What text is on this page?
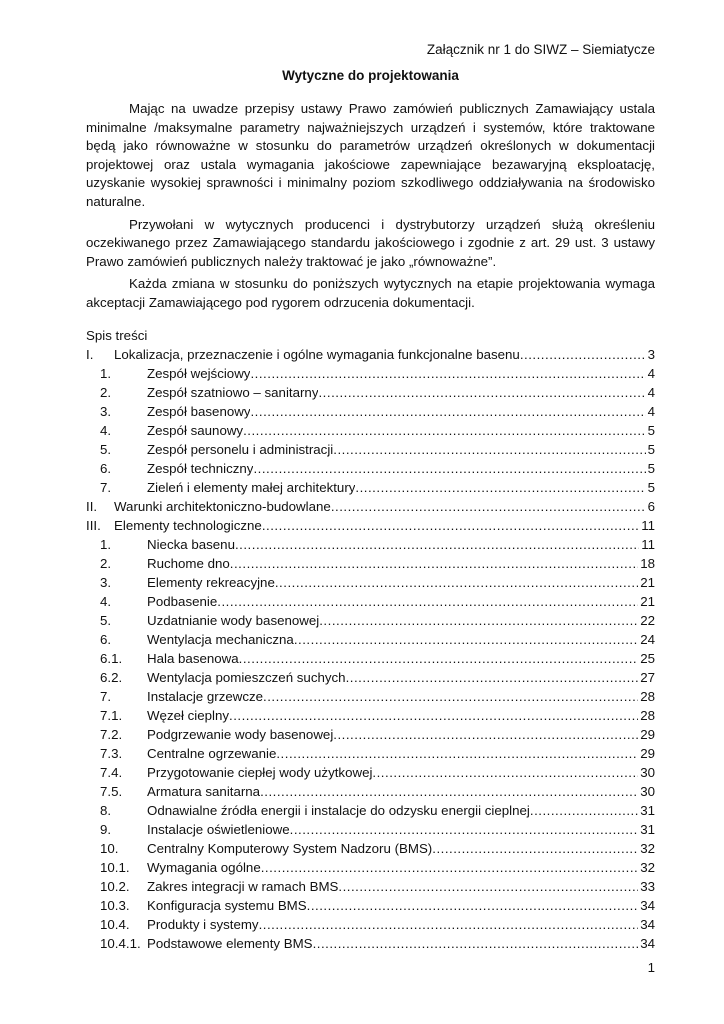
Załącznik nr 1 do SIWZ – Siemiatycze
Wytyczne do projektowania

Mając na uwadze przepisy ustawy Prawo zamówień publicznych Zamawiający ustala minimalne /maksymalne parametry najważniejszych urządzeń i systemów, które traktowane będą jako równoważne w stosunku do parametrów urządzeń określonych w dokumentacji projektowej oraz ustala wymagania jakościowe zapewniające bezawaryjną eksploatację, uzyskanie wysokiej sprawności i minimalny poziom szkodliwego oddziaływania na środowisko naturalne.

Przywołani w wytycznych producenci i dystrybutorzy urządzeń służą określeniu oczekiwanego przez Zamawiającego standardu jakościowego i zgodnie z art. 29 ust. 3 ustawy Prawo zamówień publicznych należy traktować je jako „równoważne”.

Każda zmiana w stosunku do poniższych wytycznych na etapie projektowania wymaga akceptacji Zamawiającego pod rygorem odrzucenia dokumentacji.

Spis treści
I.	Lokalizacja, przeznaczenie i ogólne wymagania funkcjonalne basenu .....	3
1.	Zespół wejściowy .....	4
2.	Zespół szatniowo – sanitarny .....	4
3.	Zespół basenowy .....	4
4.	Zespół saunowy .....	5
5.	Zespół personelu i administracji .....	5
6.	Zespół techniczny .....	5
7.	Zieleń i elementy małej architektury .....	5
II.	Warunki architektoniczno-budowlane .....	6
III. Elementy technologiczne .....	11
1.	Niecka basenu .....	11
2.	Ruchome dno .....	18
3.	Elementy rekreacyjne .....	21
4.	Podbasenie .....	21
5.	Uzdatnianie wody basenowej .....	22
6.	Wentylacja mechaniczna .....	24
6.1.	Hala basenowa .....	25
6.2.	Wentylacja pomieszczeń suchych .....	27
7.	Instalacje grzewcze .....	28
7.1.	Węzeł cieplny .....	28
7.2.	Podgrzewanie wody basenowej .....	29
7.3.	Centralne ogrzewanie .....	29
7.4.	Przygotowanie ciepłej wody użytkowej .....	30
7.5.	Armatura sanitarna .....	30
8.	Odnawialne źródła energii i instalacje do odzysku energii cieplnej .....	31
9.	Instalacje oświetleniowe .....	31
10.	Centralny Komputerowy System Nadzoru (BMS) .....	32
10.1.	Wymagania ogólne .....	32
10.2.	Zakres integracji w ramach BMS .....	33
10.3.	Konfiguracja systemu BMS .....	34
10.4.	Produkty i systemy .....	34
10.4.1. Podstawowe elementy BMS .....	34
1
